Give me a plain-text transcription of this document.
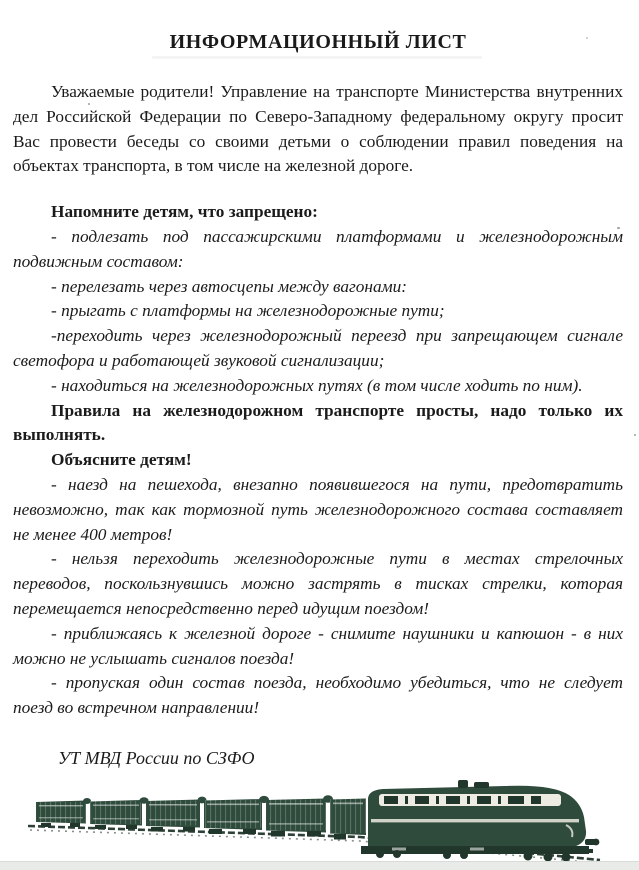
ИНФОРМАЦИОННЫЙ ЛИСТ

Уважаемые родители! Управление на транспорте Министерства внутренних дел Российской Федерации по Северо-Западному федеральному округу просит Вас провести беседы со своими детьми о соблюдении правил поведения на объектах транспорта, в том числе на железной дороге.

Напомните детям, что запрещено:

- подлезать под пассажирскими платформами и железнодорожным подвижным составом:

- перелезать через автосцепы между вагонами:

- прыгать с платформы на железнодорожные пути;

-переходить через железнодорожный переезд при запрещающем сигнале светофора и работающей звуковой сигнализации;

- находиться на железнодорожных путях (в том числе ходить по ним).

Правила на железнодорожном транспорте просты, надо только их выполнять.

Объясните детям!

- наезд на пешехода, внезапно появившегося на пути, предотвратить невозможно, так как тормозной путь железнодорожного состава составляет не менее 400 метров!

- нельзя переходить железнодорожные пути в местах стрелочных переводов, поскользнувшись можно застрять в тисках стрелки, которая перемещается непосредственно перед идущим поездом!

- приближаясь к железной дороге - снимите наушники и капюшон - в них можно не услышать сигналов поезда!

- пропуская один состав поезда, необходимо убедиться, что не следует поезд во встречном направлении!

УТ МВД России по СЗФО
